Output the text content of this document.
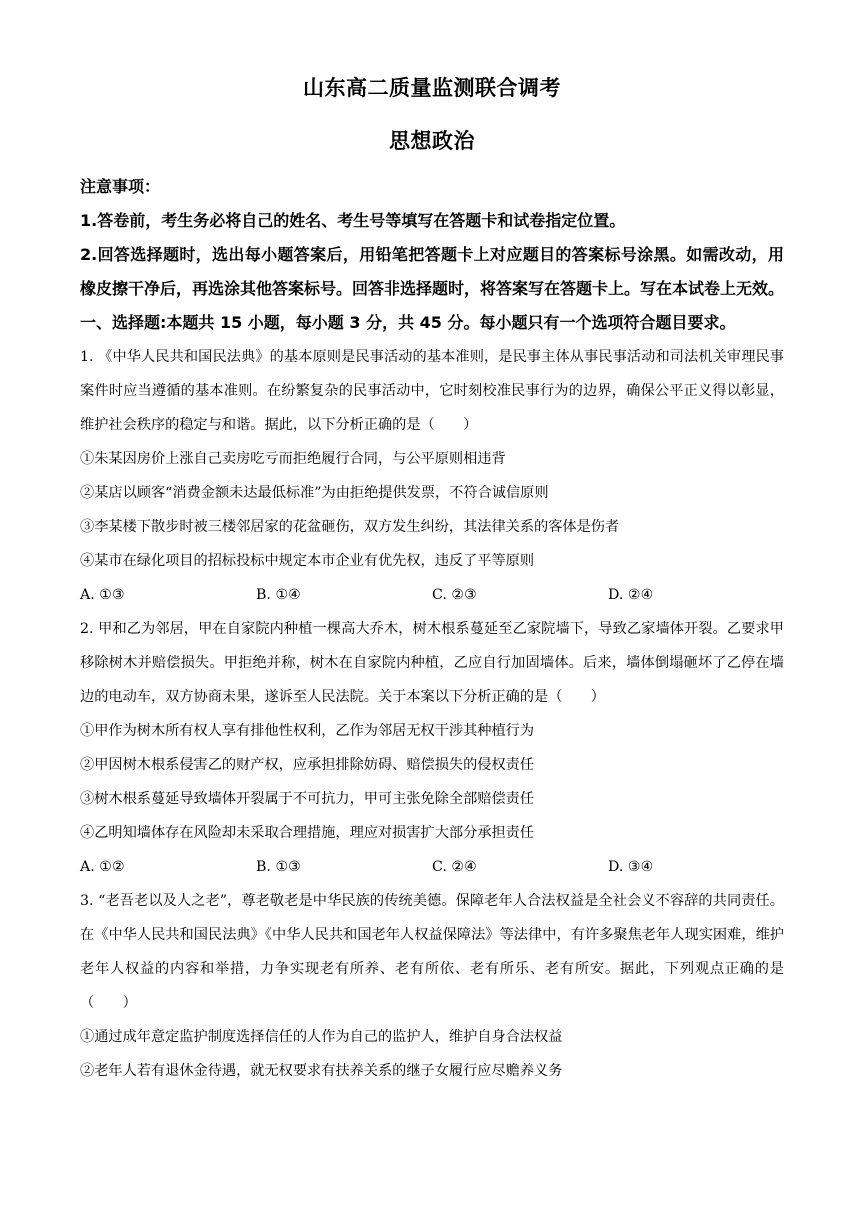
山东高二质量监测联合调考
思想政治

注意事项：

1.答卷前，考生务必将自己的姓名、考生号等填写在答题卡和试卷指定位置。

2.回答选择题时，选出每小题答案后，用铅笔把答题卡上对应题目的答案标号涂黑。如需改动，用橡皮擦干净后，再选涂其他答案标号。回答非选择题时，将答案写在答题卡上。写在本试卷上无效。

一、选择题:本题共 15 小题，每小题 3 分，共 45 分。每小题只有一个选项符合题目要求。

1. 《中华人民共和国民法典》的基本原则是民事活动的基本准则，是民事主体从事民事活动和司法机关审理民事案件时应当遵循的基本准则。在纷繁复杂的民事活动中，它时刻校准民事行为的边界，确保公平正义得以彰显，维护社会秩序的稳定与和谐。据此，以下分析正确的是（　　）

①朱某因房价上涨自己卖房吃亏而拒绝履行合同，与公平原则相违背

②某店以顾客“消费金额未达最低标准”为由拒绝提供发票，不符合诚信原则

③李某楼下散步时被三楼邻居家的花盆砸伤，双方发生纠纷，其法律关系的客体是伤者

④某市在绿化项目的招标投标中规定本市企业有优先权，违反了平等原则

A. ①③	B. ①④	C. ②③	D. ②④

2. 甲和乙为邻居，甲在自家院内种植一棵高大乔木，树木根系蔓延至乙家院墙下，导致乙家墙体开裂。乙要求甲移除树木并赔偿损失。甲拒绝并称，树木在自家院内种植，乙应自行加固墙体。后来，墙体倒塌砸坏了乙停在墙边的电动车，双方协商未果，遂诉至人民法院。关于本案以下分析正确的是（　　）

①甲作为树木所有权人享有排他性权利，乙作为邻居无权干涉其种植行为

②甲因树木根系侵害乙的财产权，应承担排除妨碍、赔偿损失的侵权责任

③树木根系蔓延导致墙体开裂属于不可抗力，甲可主张免除全部赔偿责任

④乙明知墙体存在风险却未采取合理措施，理应对损害扩大部分承担责任

A. ①②	B. ①③	C. ②④	D. ③④

3. “老吾老以及人之老”，尊老敬老是中华民族的传统美德。保障老年人合法权益是全社会义不容辞的共同责任。在《中华人民共和国民法典》《中华人民共和国老年人权益保障法》等法律中，有许多聚焦老年人现实困难，维护老年人权益的内容和举措，力争实现老有所养、老有所依、老有所乐、老有所安。据此，下列观点正确的是（　　）

①通过成年意定监护制度选择信任的人作为自己的监护人，维护自身合法权益

②老年人若有退休金待遇，就无权要求有扶养关系的继子女履行应尽赡养义务
